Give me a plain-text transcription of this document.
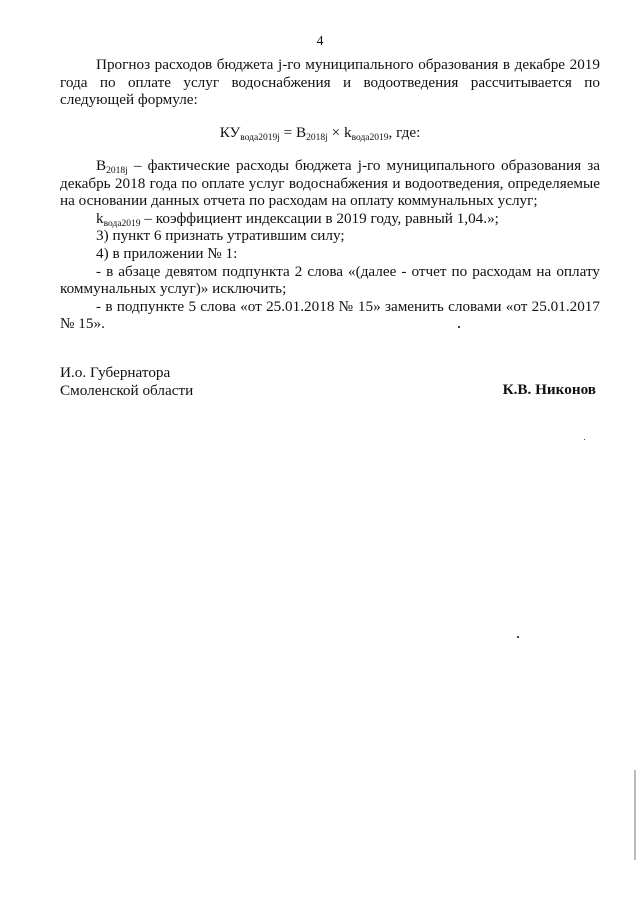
4

Прогноз расходов бюджета j-го муниципального образования в декабре 2019 года по оплате услуг водоснабжения и водоотведения рассчитывается по следующей формуле:

$КУ_{вода2019j} = В_{2018j} \times k_{вода2019}$, где:

$В_{2018j}$ – фактические расходы бюджета j-го муниципального образования за декабрь 2018 года по оплате услуг водоснабжения и водоотведения, определяемые на основании данных отчета по расходам на оплату коммунальных услуг;

$k_{вода2019}$ – коэффициент индексации в 2019 году, равный 1,04.»;

3) пункт 6 признать утратившим силу;

4) в приложении № 1:

- в абзаце девятом подпункта 2 слова «(далее - отчет по расходам на оплату коммунальных услуг)» исключить;

- в подпункте 5 слова «от 25.01.2018 № 15» заменить словами «от 25.01.2017 № 15».

И.о. Губернатора
Смоленской области	К.В. Никонов
